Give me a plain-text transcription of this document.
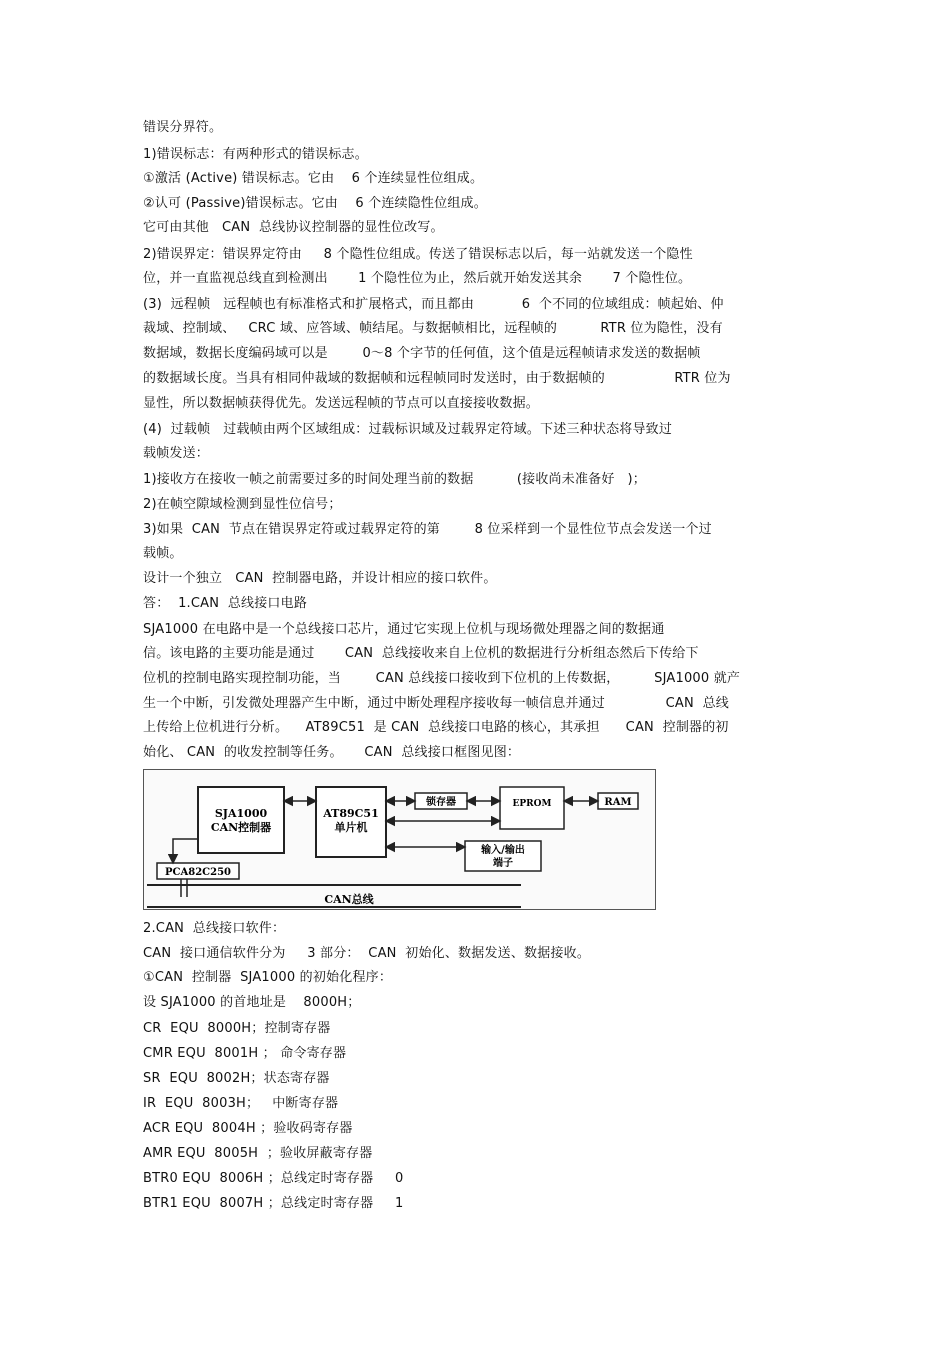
错误分界符。
1)错误标志：有两种形式的错误标志。
①激活 (Active) 错误标志。它由    6 个连续显性位组成。
②认可 (Passive)错误标志。它由    6 个连续隐性位组成。
它可由其他   CAN  总线协议控制器的显性位改写。
2)错误界定：错误界定符由     8 个隐性位组成。传送了错误标志以后，每一站就发送一个隐性
位，并一直监视总线直到检测出       1 个隐性位为止，然后就开始发送其余       7 个隐性位。
(3)  远程帧   远程帧也有标准格式和扩展格式，而且都由           6  个不同的位域组成：帧起始、仲
裁域、控制域、   CRC 域、应答域、帧结尾。与数据帧相比，远程帧的          RTR 位为隐性，没有
数据域，数据长度编码域可以是        0～8 个字节的任何值，这个值是远程帧请求发送的数据帧
的数据域长度。当具有相同仲裁域的数据帧和远程帧同时发送时，由于数据帧的                RTR 位为
显性，所以数据帧获得优先。发送远程帧的节点可以直接接收数据。
(4)  过载帧   过载帧由两个区域组成：过载标识域及过载界定符域。下述三种状态将导致过
载帧发送：
1)接收方在接收一帧之前需要过多的时间处理当前的数据          (接收尚未准备好   )；
2)在帧空隙域检测到显性位信号；
3)如果  CAN  节点在错误界定符或过载界定符的第        8 位采样到一个显性位节点会发送一个过
载帧。
设计一个独立   CAN  控制器电路，并设计相应的接口软件。
答：  1.CAN  总线接口电路
SJA1000 在电路中是一个总线接口芯片，通过它实现上位机与现场微处理器之间的数据通
信。该电路的主要功能是通过       CAN  总线接收来自上位机的数据进行分析组态然后下传给下
位机的控制电路实现控制功能，当        CAN 总线接口接收到下位机的上传数据，        SJA1000 就产
生一个中断，引发微处理器产生中断，通过中断处理程序接收每一帧信息并通过              CAN  总线
上传给上位机进行分析。    AT89C51  是 CAN  总线接口电路的核心，其承担      CAN  控制器的初
始化、 CAN  的收发控制等任务。     CAN  总线接口框图见图：
SJA1000
CAN控制器
AT89C51
单片机
锁存器	EPROM	RAM
输入/输出
端子
PCA82C250
CAN总线
2.CAN  总线接口软件：
CAN  接口通信软件分为     3 部分：  CAN  初始化、数据发送、数据接收。
①CAN  控制器  SJA1000 的初始化程序：
设 SJA1000 的首地址是    8000H；
CR  EQU  8000H；控制寄存器
CMR EQU  8001H ； 命令寄存器
SR  EQU  8002H；状态寄存器
IR  EQU  8003H；   中断寄存器
ACR EQU  8004H ；验收码寄存器
AMR EQU  8005H  ；验收屏蔽寄存器
BTR0 EQU  8006H ；总线定时寄存器     0
BTR1 EQU  8007H ；总线定时寄存器     1
